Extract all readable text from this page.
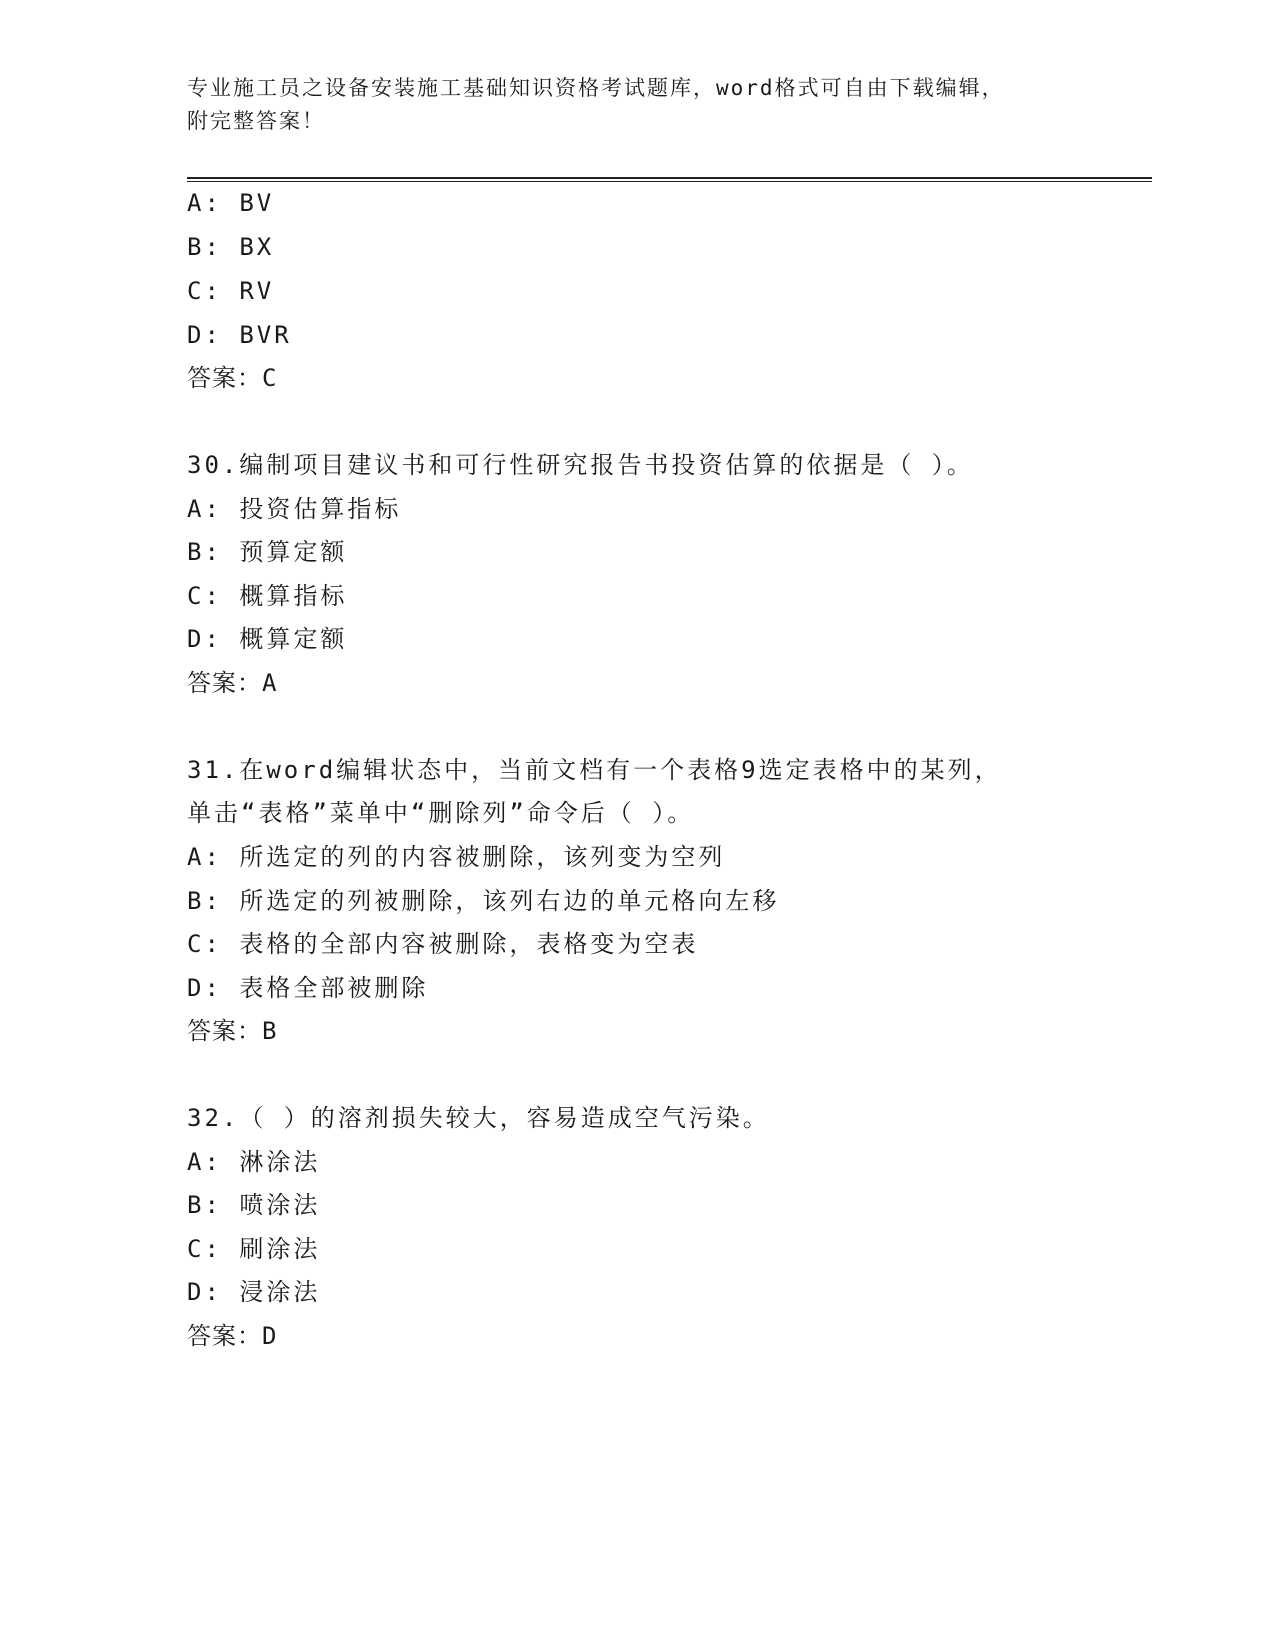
专业施工员之设备安装施工基础知识资格考试题库，word格式可自由下载编辑，
附完整答案！
A: BV
B: BX
C: RV
D: BVR
答案：C
30.编制项目建议书和可行性研究报告书投资估算的依据是（ ）。
A: 投资估算指标
B: 预算定额
C: 概算指标
D: 概算定额
答案：A
31.在word编辑状态中，当前文档有一个表格9选定表格中的某列，
单击“表格”菜单中“删除列”命令后（ ）。
A: 所选定的列的内容被删除，该列变为空列
B: 所选定的列被删除，该列右边的单元格向左移
C: 表格的全部内容被删除，表格变为空表
D: 表格全部被删除
答案：B
32.（ ）的溶剂损失较大，容易造成空气污染。
A: 淋涂法
B: 喷涂法
C: 刷涂法
D: 浸涂法
答案：D
